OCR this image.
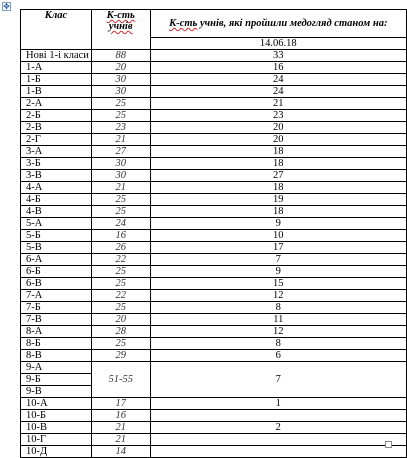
✥
Клас	К-сть учнів	К-сть учнів, які пройшли медогляд станом на:
		14.06.18
Нові 1-і класи	88	33
1-А	20	16
1-Б	30	24
1-В	30	24
2-А	25	21
2-Б	25	23
2-В	23	20
2-Г	21	20
3-А	27	18
3-Б	30	18
3-В	30	27
4-А	21	18
4-Б	25	19
4-В	25	18
5-А	24	9
5-Б	16	10
5-В	26	17
6-А	22	7
6-Б	25	9
6-В	25	15
7-А	22	12
7-Б	25	8
7-В	20	11
8-А	28	12
8-Б	25	8
8-В	29	6
9-А	51-55	7
9-Б		
9-В		
10-А	17	1
10-Б	16	
10-В	21	2
10-Г	21	
10-Д	14	
